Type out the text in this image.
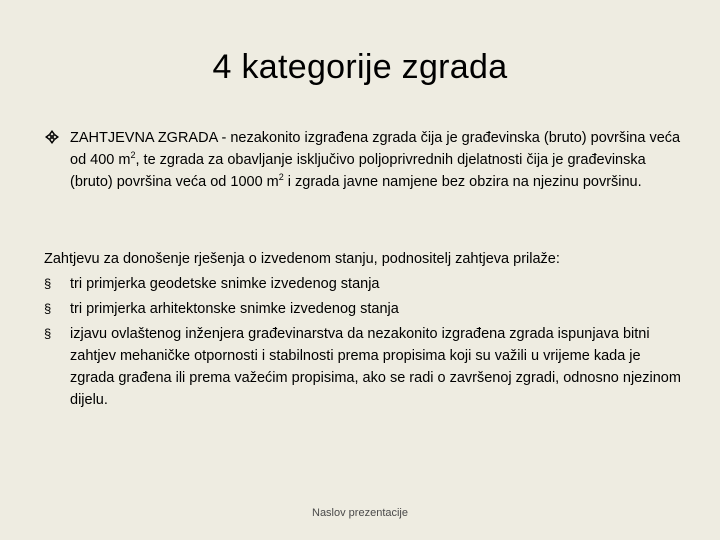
4 kategorije zgrada
ZAHTJEVNA ZGRADA - nezakonito izgrađena zgrada čija je građevinska (bruto) površina veća od 400 $m^2$, te zgrada za obavljanje isključivo poljoprivrednih djelatnosti čija je građevinska (bruto) površina veća od 1000 $m^2$ i zgrada javne namjene bez obzira na njezinu površinu.
Zahtjevu za donošenje rješenja o izvedenom stanju, podnositelj zahtjeva prilaže:
§	tri primjerka geodetske snimke izvedenog stanja
§	tri primjerka arhitektonske snimke izvedenog stanja
§	izjavu ovlaštenog inženjera građevinarstva da nezakonito izgrađena zgrada ispunjava bitni zahtjev mehaničke otpornosti i stabilnosti prema propisima koji su važili u vrijeme kada je zgrada građena ili prema važećim propisima, ako se radi o završenoj zgradi, odnosno njezinom dijelu.
Naslov prezentacije
